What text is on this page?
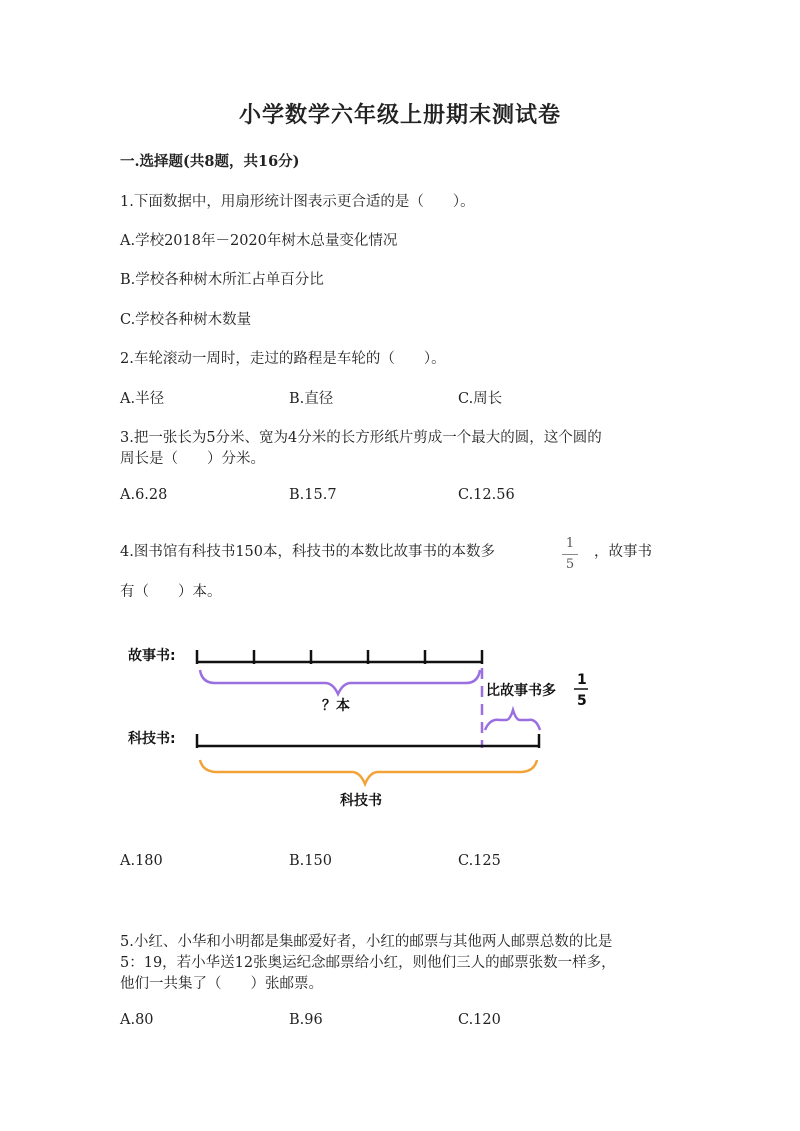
小学数学六年级上册期末测试卷
一.选择题(共8题，共16分)
1.下面数据中，用扇形统计图表示更合适的是（　　）。
A.学校2018年－2020年树木总量变化情况
B.学校各种树木所汇占单百分比
C.学校各种树木数量
2.车轮滚动一周时，走过的路程是车轮的（　　）。
A.半径	B.直径	C.周长
3.把一张长为5分米、宽为4分米的长方形纸片剪成一个最大的圆，这个圆的
周长是（　　）分米。
A.6.28	B.15.7	C.12.56
4.图书馆有科技书150本，科技书的本数比故事书的本数多
1
5
，故事书
有（　　）本。
故事书:
？本
比故事书多
1
5
科技书:
科技书
A.180	B.150	C.125
5.小红、小华和小明都是集邮爱好者，小红的邮票与其他两人邮票总数的比是
5：19，若小华送12张奥运纪念邮票给小红，则他们三人的邮票张数一样多，
他们一共集了（　　）张邮票。
A.80	B.96	C.120
